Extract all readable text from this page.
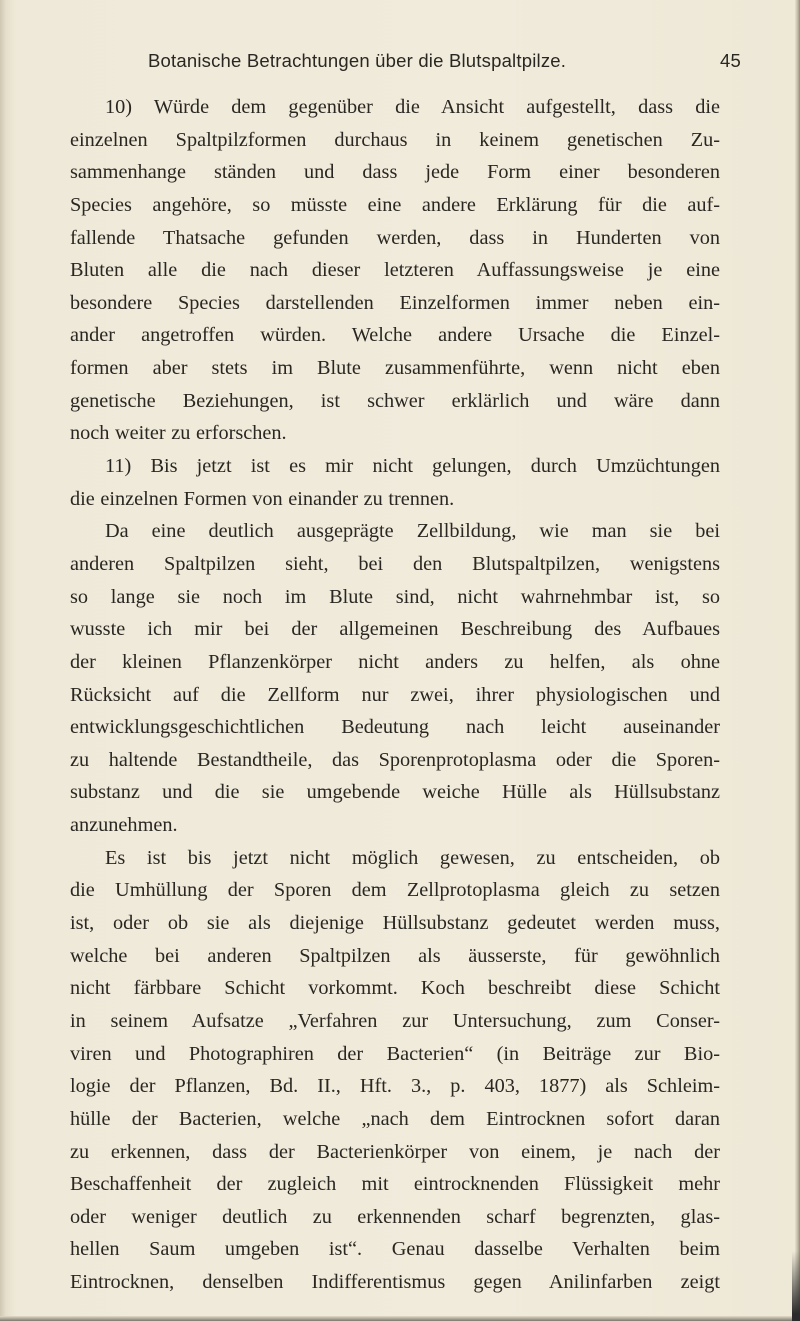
Botanische Betrachtungen über die Blutspaltpilze.	45
10) Würde dem gegenüber die Ansicht aufgestellt, dass die
einzelnen Spaltpilzformen durchaus in keinem genetischen Zu-
sammenhange ständen und dass jede Form einer besonderen
Species angehöre, so müsste eine andere Erklärung für die auf-
fallende Thatsache gefunden werden, dass in Hunderten von
Bluten alle die nach dieser letzteren Auffassungsweise je eine
besondere Species darstellenden Einzelformen immer neben ein-
ander angetroffen würden. Welche andere Ursache die Einzel-
formen aber stets im Blute zusammenführte, wenn nicht eben
genetische Beziehungen, ist schwer erklärlich und wäre dann
noch weiter zu erforschen.
11) Bis jetzt ist es mir nicht gelungen, durch Umzüchtungen
die einzelnen Formen von einander zu trennen.
Da eine deutlich ausgeprägte Zellbildung, wie man sie bei
anderen Spaltpilzen sieht, bei den Blutspaltpilzen, wenigstens
so lange sie noch im Blute sind, nicht wahrnehmbar ist, so
wusste ich mir bei der allgemeinen Beschreibung des Aufbaues
der kleinen Pflanzenkörper nicht anders zu helfen, als ohne
Rücksicht auf die Zellform nur zwei, ihrer physiologischen und
entwicklungsgeschichtlichen Bedeutung nach leicht auseinander
zu haltende Bestandtheile, das Sporenprotoplasma oder die Sporen-
substanz und die sie umgebende weiche Hülle als Hüllsubstanz
anzunehmen.
Es ist bis jetzt nicht möglich gewesen, zu entscheiden, ob
die Umhüllung der Sporen dem Zellprotoplasma gleich zu setzen
ist, oder ob sie als diejenige Hüllsubstanz gedeutet werden muss,
welche bei anderen Spaltpilzen als äusserste, für gewöhnlich
nicht färbbare Schicht vorkommt. Koch beschreibt diese Schicht
in seinem Aufsatze „Verfahren zur Untersuchung, zum Conser-
viren und Photographiren der Bacterien“ (in Beiträge zur Bio-
logie der Pflanzen, Bd. II., Hft. 3., p. 403, 1877) als Schleim-
hülle der Bacterien, welche „nach dem Eintrocknen sofort daran
zu erkennen, dass der Bacterienkörper von einem, je nach der
Beschaffenheit der zugleich mit eintrocknenden Flüssigkeit mehr
oder weniger deutlich zu erkennenden scharf begrenzten, glas-
hellen Saum umgeben ist“. Genau dasselbe Verhalten beim
Eintrocknen, denselben Indifferentismus gegen Anilinfarben zeigt
